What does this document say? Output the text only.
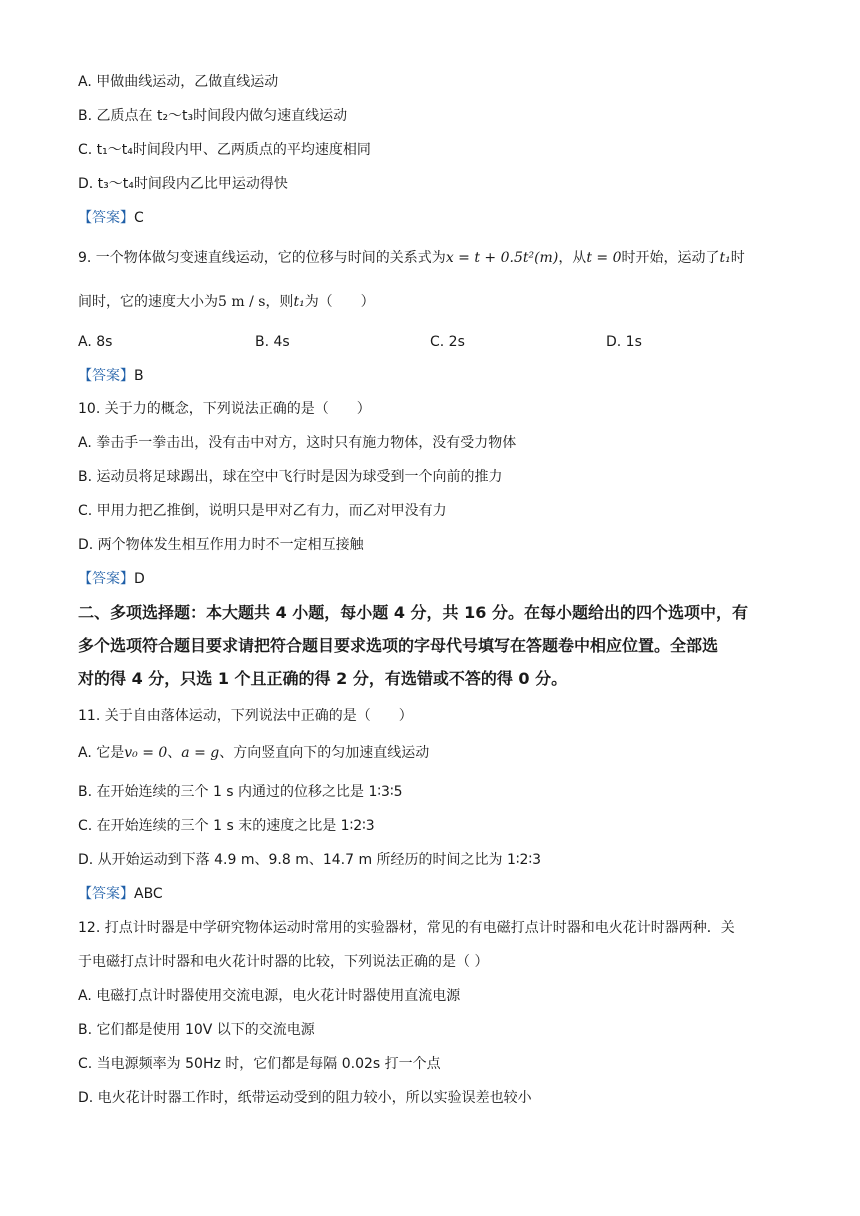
A. 甲做曲线运动，乙做直线运动
B. 乙质点在 t₂～t₃时间段内做匀速直线运动
C. t₁～t₄时间段内甲、乙两质点的平均速度相同
D. t₃～t₄时间段内乙比甲运动得快
【答案】C
9. 一个物体做匀变速直线运动，它的位移与时间的关系式为x = t + 0.5t²(m)，从t = 0时开始，运动了t₁时
间时，它的速度大小为5 m / s，则t₁为（　　）
A. 8s	B. 4s	C. 2s	D. 1s
【答案】B
10. 关于力的概念，下列说法正确的是（　　）
A. 拳击手一拳击出，没有击中对方，这时只有施力物体，没有受力物体
B. 运动员将足球踢出，球在空中飞行时是因为球受到一个向前的推力
C. 甲用力把乙推倒，说明只是甲对乙有力，而乙对甲没有力
D. 两个物体发生相互作用力时不一定相互接触
【答案】D
二、多项选择题：本大题共 4 小题，每小题 4 分，共 16 分。在每小题给出的四个选项中，有
多个选项符合题目要求请把符合题目要求选项的字母代号填写在答题卷中相应位置。全部选
对的得 4 分，只选 1 个且正确的得 2 分，有选错或不答的得 0 分。
11. 关于自由落体运动，下列说法中正确的是（　　）
A. 它是v₀ = 0、a = g、方向竖直向下的匀加速直线运动
B. 在开始连续的三个 1 s 内通过的位移之比是 1∶3∶5
C. 在开始连续的三个 1 s 末的速度之比是 1∶2∶3
D. 从开始运动到下落 4.9 m、9.8 m、14.7 m 所经历的时间之比为 1∶2∶3
【答案】ABC
12. 打点计时器是中学研究物体运动时常用的实验器材，常见的有电磁打点计时器和电火花计时器两种．关
于电磁打点计时器和电火花计时器的比较，下列说法正确的是（ ）
A. 电磁打点计时器使用交流电源，电火花计时器使用直流电源
B. 它们都是使用 10V 以下的交流电源
C. 当电源频率为 50Hz 时，它们都是每隔 0.02s 打一个点
D. 电火花计时器工作时，纸带运动受到的阻力较小，所以实验误差也较小
